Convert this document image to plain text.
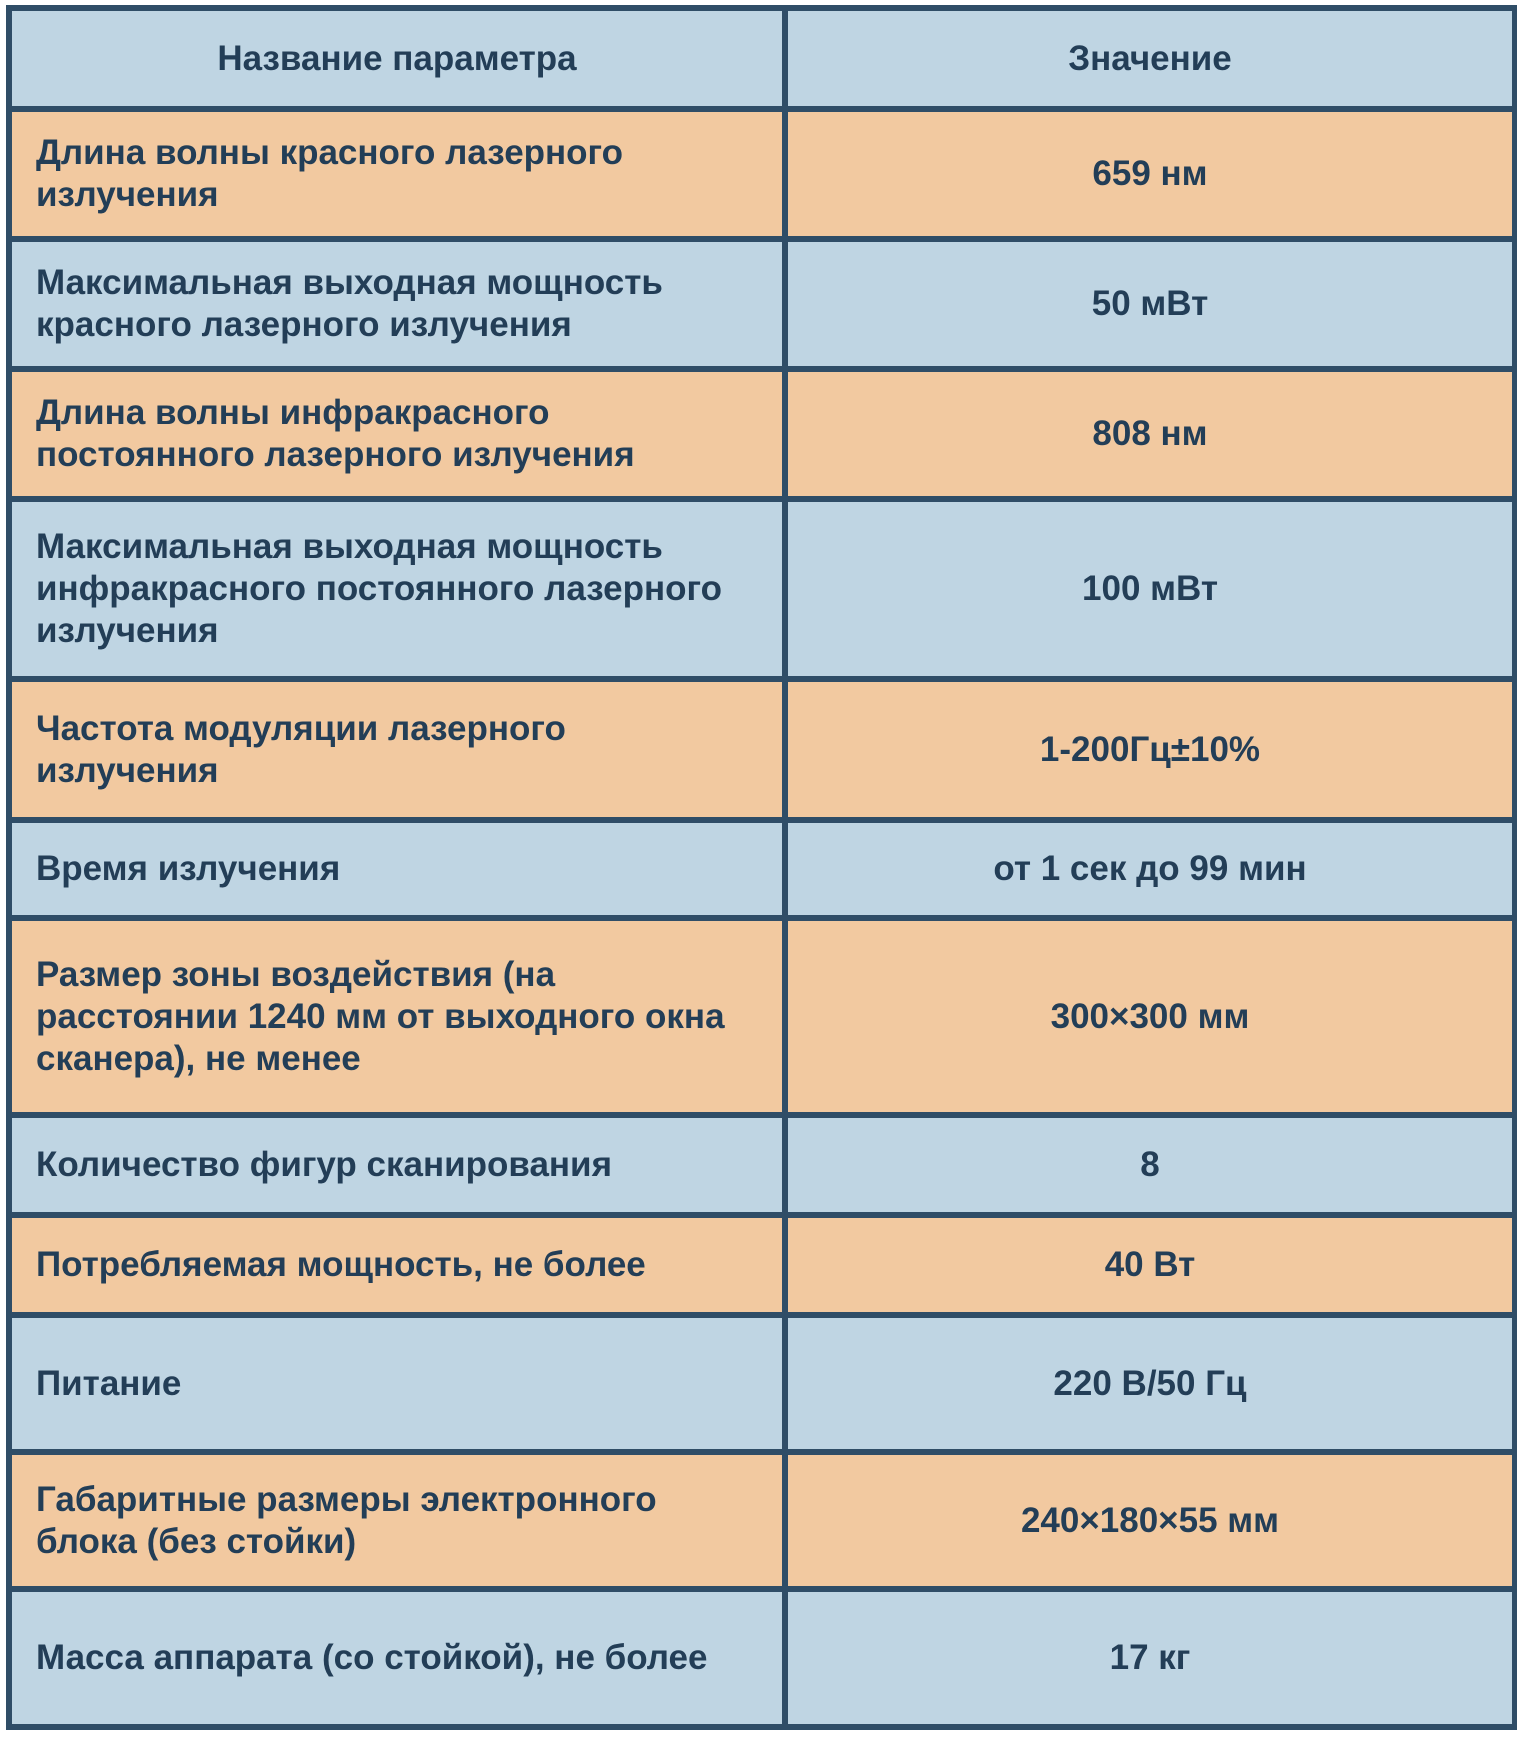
Название параметра	Значение
Длина волны красного лазерного излучения	659 нм
Максимальная выходная мощность красного лазерного излучения	50 мВт
Длина волны инфракрасного постоянного лазерного излучения	808 нм
Максимальная выходная мощность инфракрасного постоянного лазерного излучения	100 мВт
Частота модуляции лазерного излучения	1-200Гц±10%
Время излучения	от 1 сек до 99 мин
Размер зоны воздействия (на расстоянии 1240 мм от выходного окна сканера), не менее	300×300 мм
Количество фигур сканирования	8
Потребляемая мощность, не более	40 Вт
Питание	220 В/50 Гц
Габаритные размеры электронного блока (без стойки)	240×180×55 мм
Масса аппарата (со стойкой), не более	17 кг
